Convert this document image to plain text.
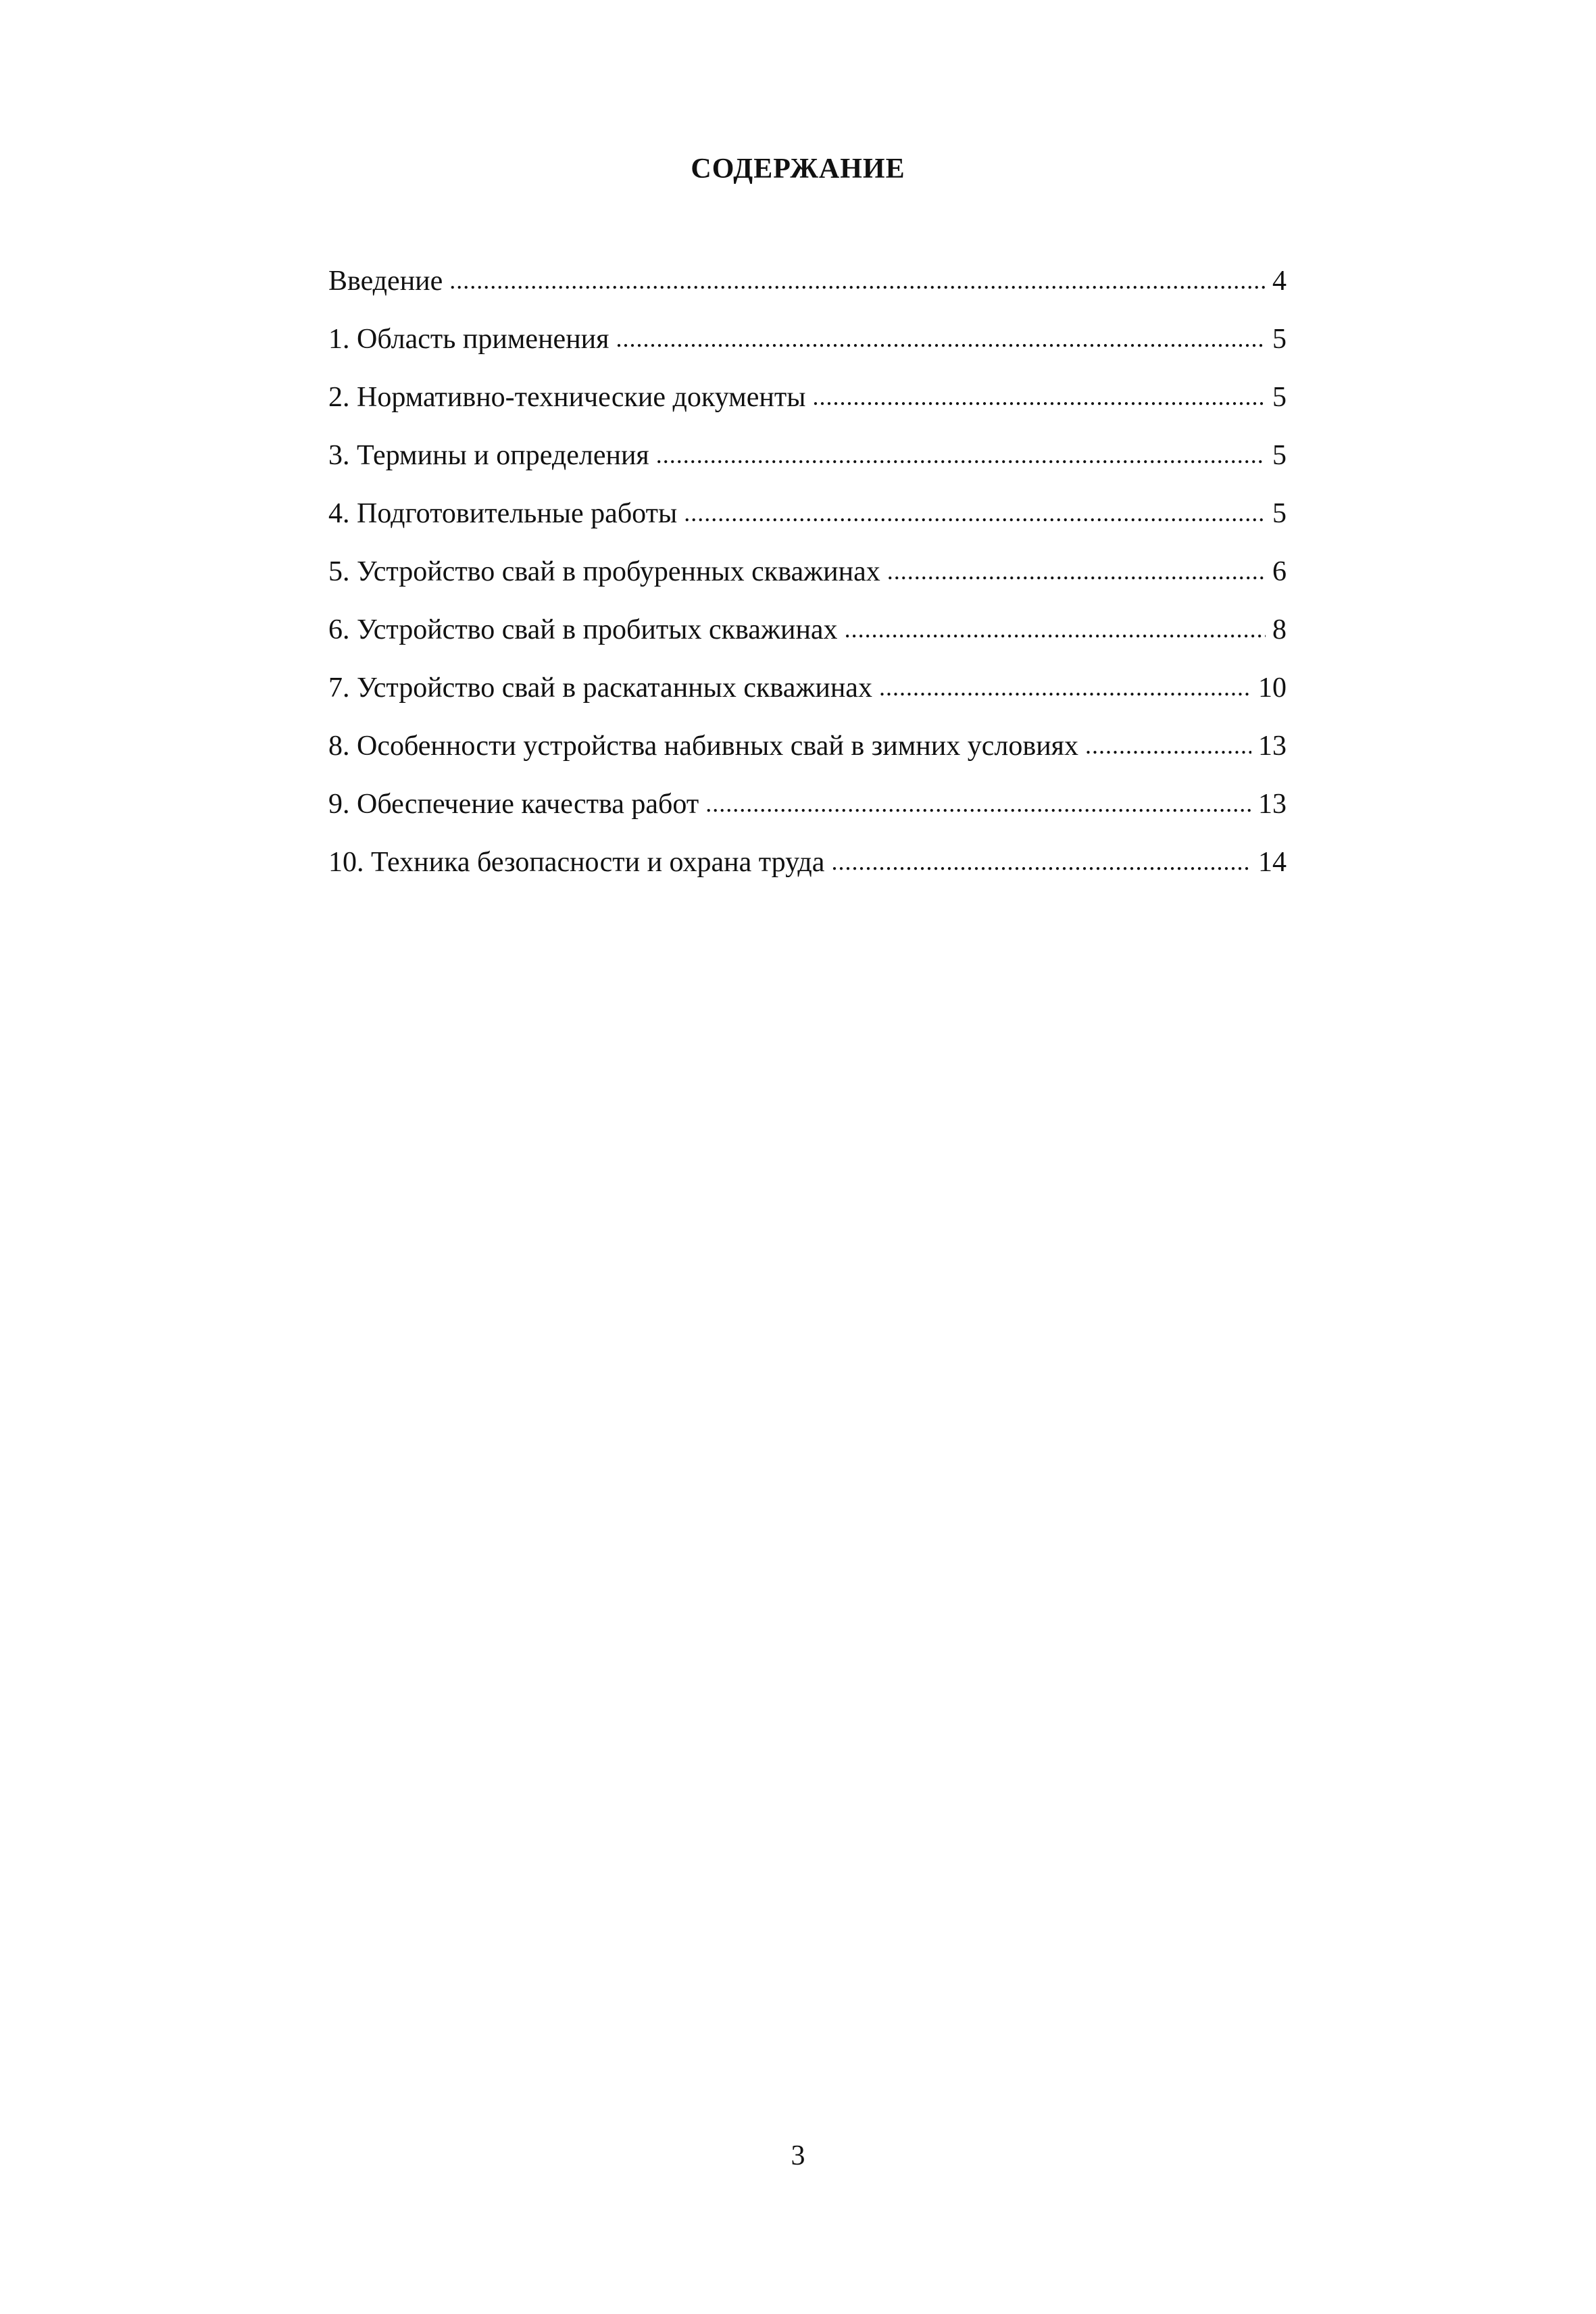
СОДЕРЖАНИЕ
Введение . . .	4
1. Область применения . . .	5
2. Нормативно-технические документы . . .	5
3. Термины и определения . . .	5
4. Подготовительные работы . . .	5
5. Устройство свай в пробуренных скважинах . . .	6
6. Устройство свай в пробитых скважинах . . .	8
7. Устройство свай в раскатанных скважинах . . .	10
8. Особенности устройства набивных свай в зимних условиях . . .	13
9. Обеспечение качества работ . . .	13
10. Техника безопасности и охрана труда . . .	14
3
